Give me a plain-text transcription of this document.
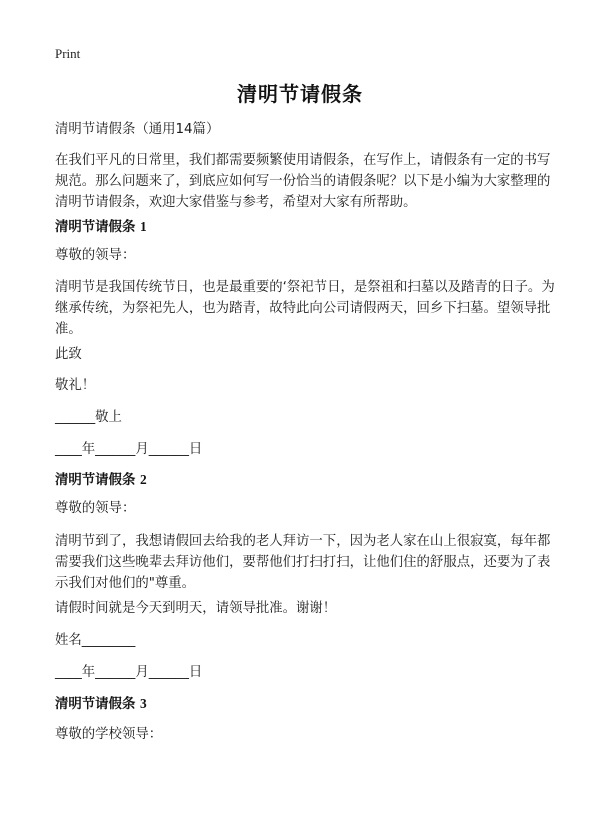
Print
清明节请假条
清明节请假条（通用14篇）
在我们平凡的日常里，我们都需要频繁使用请假条，在写作上，请假条有一定的书写规范。那么问题来了，到底应如何写一份恰当的请假条呢？以下是小编为大家整理的清明节请假条，欢迎大家借鉴与参考，希望对大家有所帮助。
清明节请假条 1
尊敬的领导：
清明节是我国传统节日，也是最重要的‘祭祀节日，是祭祖和扫墓以及踏青的日子。为继承传统，为祭祀先人，也为踏青，故特此向公司请假两天，回乡下扫墓。望领导批准。
此致
敬礼！
______敬上
____年______月______日
清明节请假条 2
尊敬的领导：
清明节到了，我想请假回去给我的老人拜访一下，因为老人家在山上很寂寞，每年都需要我们这些晚辈去拜访他们，要帮他们打扫打扫，让他们住的舒服点，还要为了表示我们对他们的"尊重。
请假时间就是今天到明天，请领导批准。谢谢！
姓名________
____年______月______日
清明节请假条 3
尊敬的学校领导：
